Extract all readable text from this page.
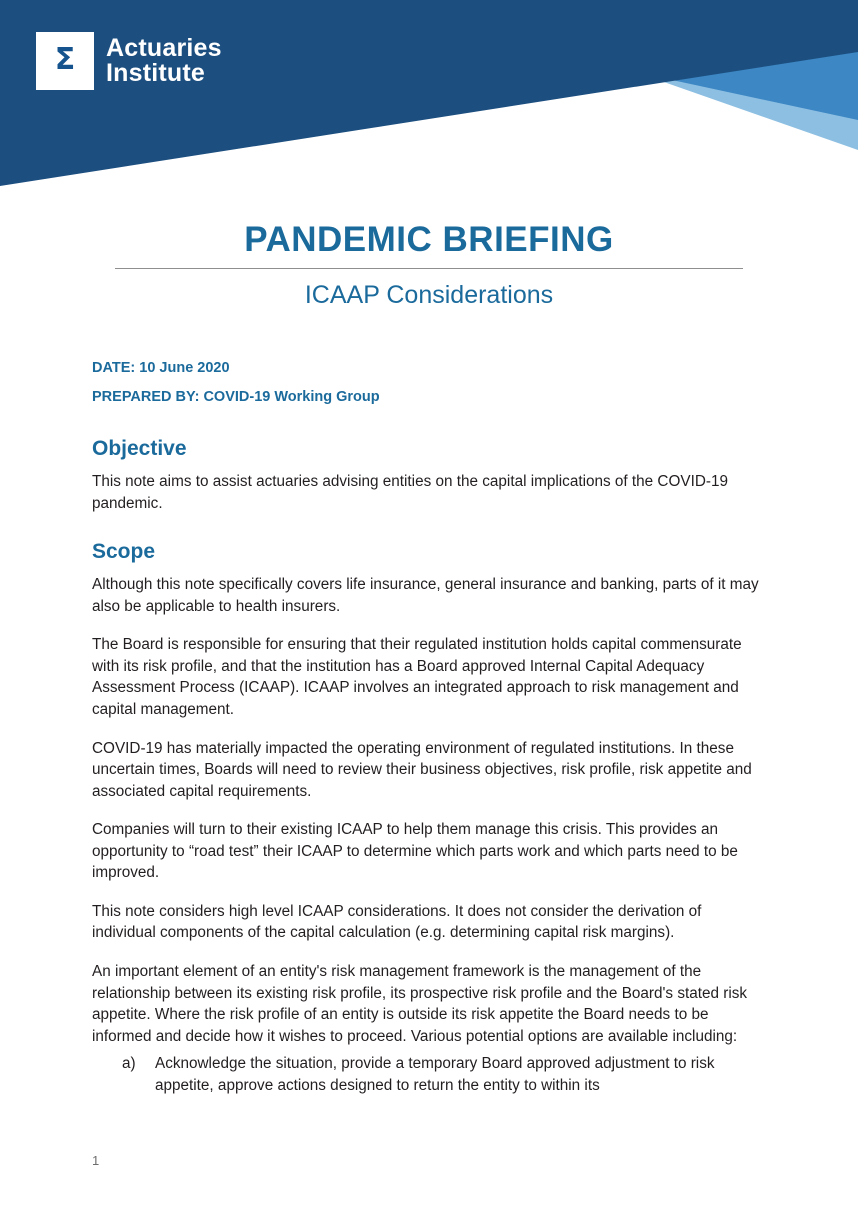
Σ Actuaries
Institute
PANDEMIC BRIEFING
ICAAP Considerations

DATE: 10 June 2020

PREPARED BY: COVID-19 Working Group

Objective

This note aims to assist actuaries advising entities on the capital implications of the COVID-19 pandemic.

Scope

Although this note specifically covers life insurance, general insurance and banking, parts of it may also be applicable to health insurers.

The Board is responsible for ensuring that their regulated institution holds capital commensurate with its risk profile, and that the institution has a Board approved Internal Capital Adequacy Assessment Process (ICAAP). ICAAP involves an integrated approach to risk management and capital management.

COVID-19 has materially impacted the operating environment of regulated institutions. In these uncertain times, Boards will need to review their business objectives, risk profile, risk appetite and associated capital requirements.

Companies will turn to their existing ICAAP to help them manage this crisis. This provides an opportunity to “road test” their ICAAP to determine which parts work and which parts need to be improved.

This note considers high level ICAAP considerations. It does not consider the derivation of individual components of the capital calculation (e.g. determining capital risk margins).

An important element of an entity's risk management framework is the management of the relationship between its existing risk profile, its prospective risk profile and the Board's stated risk appetite. Where the risk profile of an entity is outside its risk appetite the Board needs to be informed and decide how it wishes to proceed. Various potential options are available including:

a) Acknowledge the situation, provide a temporary Board approved adjustment to risk appetite, approve actions designed to return the entity to within its
1
